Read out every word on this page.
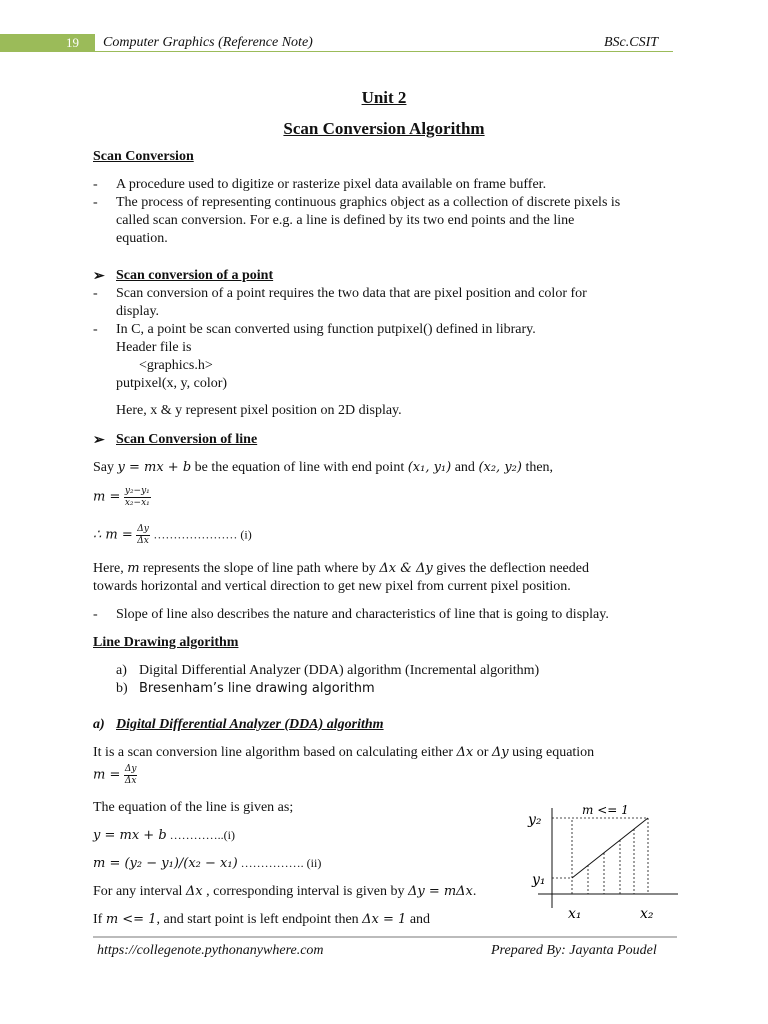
19 Computer Graphics (Reference Note)	BSc.CSIT
Unit 2
Scan Conversion Algorithm
Scan Conversion
- A procedure used to digitize or rasterize pixel data available on frame buffer.
- The process of representing continuous graphics object as a collection of discrete pixels is
called scan conversion. For e.g. a line is defined by its two end points and the line
equation.
➢ Scan conversion of a point
- Scan conversion of a point requires the two data that are pixel position and color for
display.
- In C, a point be scan converted using function putpixel() defined in library.
Header file is
<graphics.h>
putpixel(x, y, color)
Here, x & y represent pixel position on 2D display.
➢ Scan Conversion of line
Say y = mx + b be the equation of line with end point (x₁, y₁) and (x₂, y₂) then,
$m = \frac{\text{y₂−y₁}}{\text{x₂−x₁}}$
∴ $m = \frac{\Delta y}{\Delta x}$ ………………… (i)
Here, m represents the slope of line path where by Δx & Δy gives the deflection needed
towards horizontal and vertical direction to get new pixel from current pixel position.
- Slope of line also describes the nature and characteristics of line that is going to display.
Line Drawing algorithm
a) Digital Differential Analyzer (DDA) algorithm (Incremental algorithm)
b) Bresenham’s line drawing algorithm
a) Digital Differential Analyzer (DDA) algorithm
It is a scan conversion line algorithm based on calculating either Δx or Δy using equation
$m = \frac{\Delta y}{\Delta x}$
The equation of the line is given as;
y = mx + b …………..(i)
m = (y₂ − y₁)/(x₂ − x₁) ……………. (ii)
For any interval Δx , corresponding interval is given by Δy = mΔx.
If m <= 1, and start point is left endpoint then Δx = 1 and
y₂
y₁
x₁	x₂
m <= 1
https://collegenote.pythonanywhere.com	Prepared By: Jayanta Poudel
